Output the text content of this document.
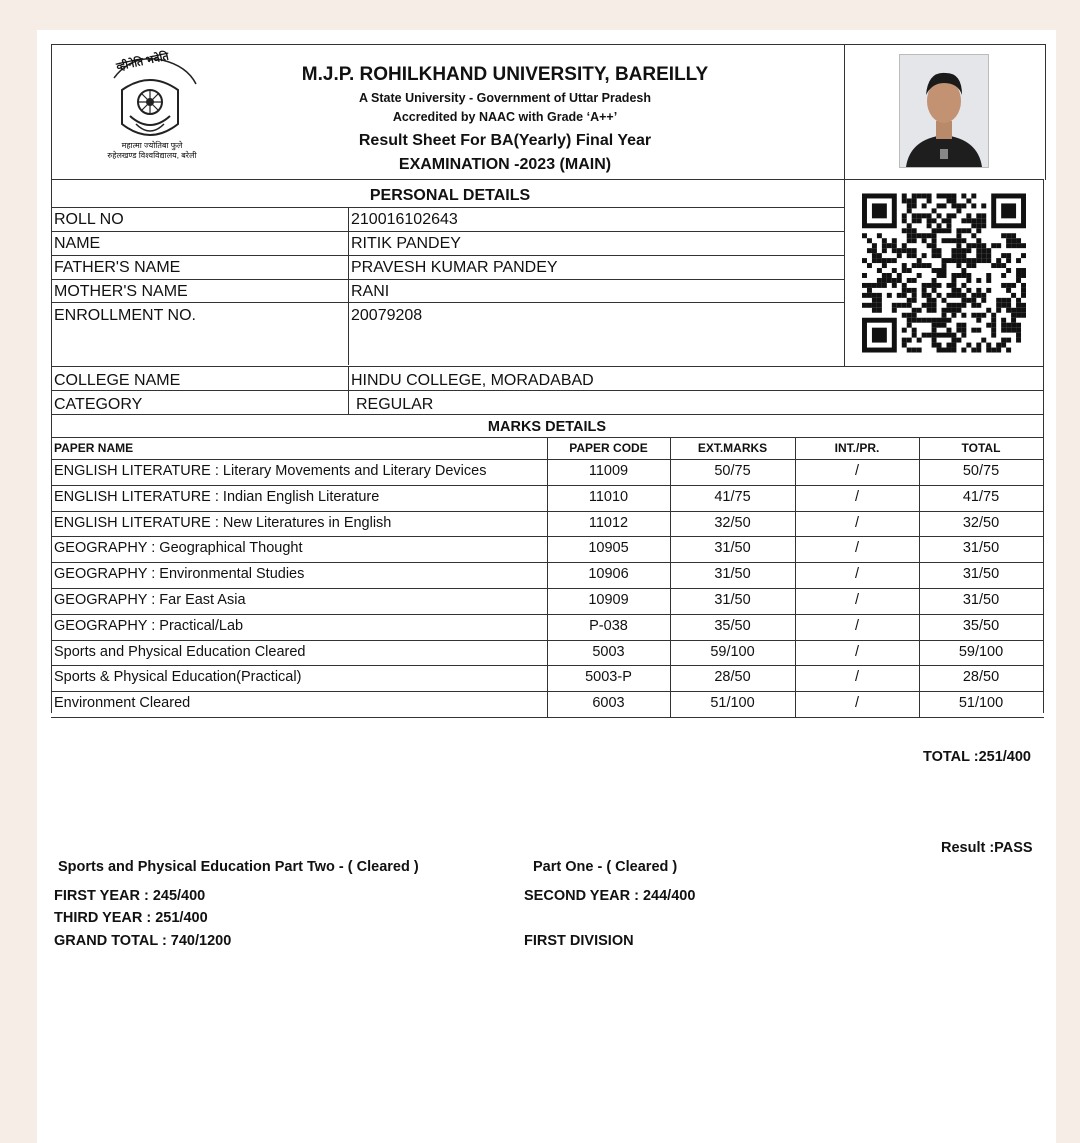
व्हीनेति भवेति
महात्मा ज्योतिबा फुले
रुहेलखण्ड विश्वविद्यालय, बरेली
M.J.P. ROHILKHAND UNIVERSITY, BAREILLY
A State University - Government of Uttar Pradesh
Accredited by NAAC with Grade ‘A++’
Result Sheet For BA(Yearly) Final Year
EXAMINATION -2023 (MAIN)
PERSONAL DETAILS
ROLL NO	210016102643
NAME	RITIK PANDEY
FATHER'S NAME	PRAVESH KUMAR PANDEY
MOTHER'S NAME	RANI
ENROLLMENT NO.	20079208
COLLEGE NAME	HINDU COLLEGE, MORADABAD
CATEGORY	REGULAR
MARKS DETAILS
PAPER NAME	PAPER CODE	EXT.MARKS	INT./PR.	TOTAL
ENGLISH LITERATURE : Literary Movements and Literary Devices	11009	50/75	/	50/75
ENGLISH LITERATURE : Indian English Literature	11010	41/75	/	41/75
ENGLISH LITERATURE : New Literatures in English	11012	32/50	/	32/50
GEOGRAPHY : Geographical Thought	10905	31/50	/	31/50
GEOGRAPHY : Environmental Studies	10906	31/50	/	31/50
GEOGRAPHY : Far East Asia	10909	31/50	/	31/50
GEOGRAPHY : Practical/Lab	P-038	35/50	/	35/50
Sports and Physical Education Cleared	5003	59/100	/	59/100
Sports & Physical Education(Practical)	5003-P	28/50	/	28/50
Environment Cleared	6003	51/100	/	51/100
TOTAL :251/400
Result :PASS
Sports and Physical Education Part Two - ( Cleared )	Part One - ( Cleared )
FIRST YEAR : 245/400	SECOND YEAR : 244/400
THIRD YEAR : 251/400
GRAND TOTAL : 740/1200	FIRST DIVISION
